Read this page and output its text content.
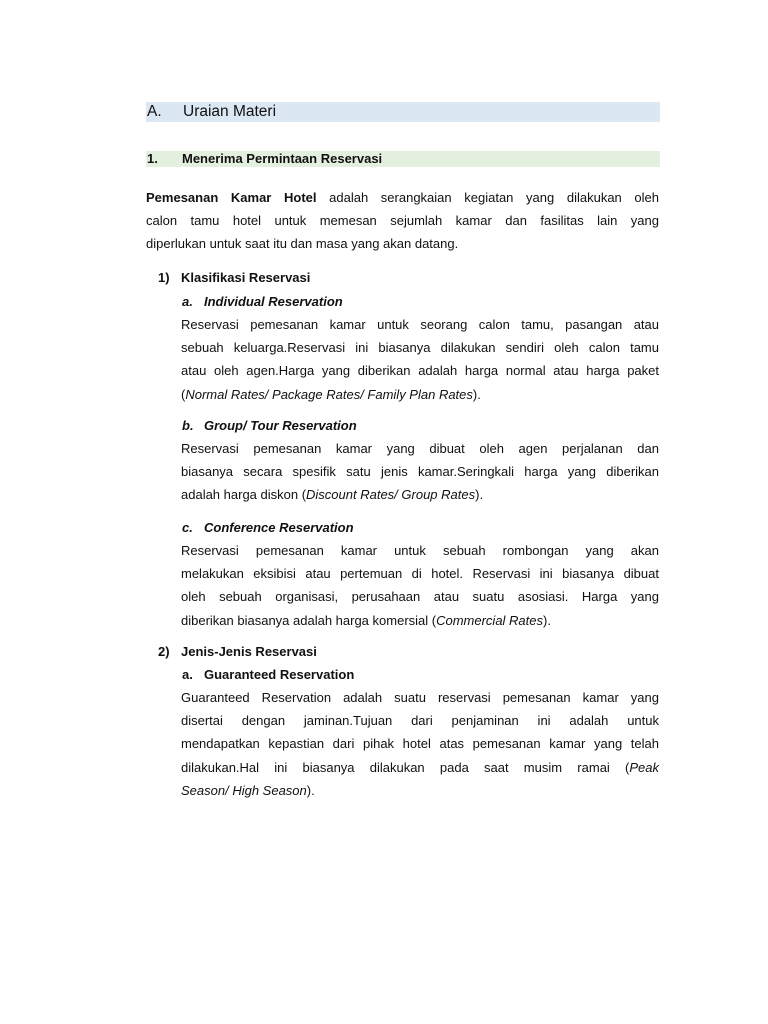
A. Uraian Materi
1. Menerima Permintaan Reservasi
Pemesanan Kamar Hotel adalah serangkaian kegiatan yang dilakukan oleh
calon tamu hotel untuk memesan sejumlah kamar dan fasilitas lain yang
diperlukan untuk saat itu dan masa yang akan datang.
1) Klasifikasi Reservasi
a. Individual Reservation
Reservasi pemesanan kamar untuk seorang calon tamu, pasangan atau
sebuah keluarga.Reservasi ini biasanya dilakukan sendiri oleh calon tamu
atau oleh agen.Harga yang diberikan adalah harga normal atau harga paket
(Normal Rates/ Package Rates/ Family Plan Rates).
b. Group/ Tour Reservation
Reservasi pemesanan kamar yang dibuat oleh agen perjalanan dan
biasanya secara spesifik satu jenis kamar.Seringkali harga yang diberikan
adalah harga diskon (Discount Rates/ Group Rates).
c. Conference Reservation
Reservasi pemesanan kamar untuk sebuah rombongan yang akan
melakukan eksibisi atau pertemuan di hotel. Reservasi ini biasanya dibuat
oleh sebuah organisasi, perusahaan atau suatu asosiasi. Harga yang
diberikan biasanya adalah harga komersial (Commercial Rates).
2) Jenis-Jenis Reservasi
a. Guaranteed Reservation
Guaranteed Reservation adalah suatu reservasi pemesanan kamar yang
disertai dengan jaminan.Tujuan dari penjaminan ini adalah untuk
mendapatkan kepastian dari pihak hotel atas pemesanan kamar yang telah
dilakukan.Hal ini biasanya dilakukan pada saat musim ramai (Peak
Season/ High Season).
